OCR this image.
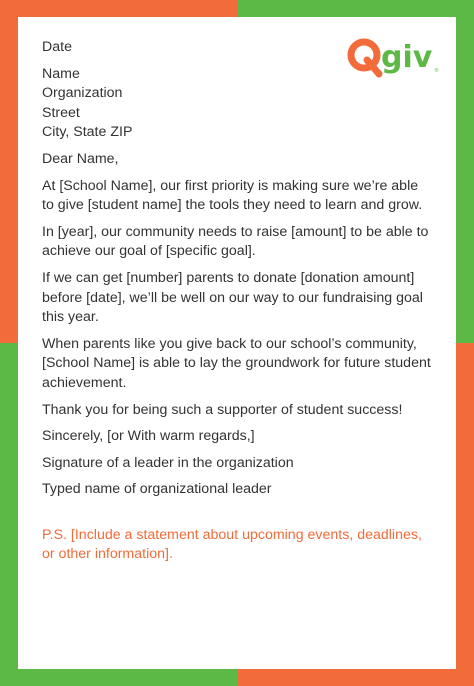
giv ®

Date

Name

Organization

Street

City, State ZIP

Dear Name,

At [School Name], our first priority is making sure we’re able to give [student name] the tools they need to learn and grow.

In [year], our community needs to raise [amount] to be able to achieve our goal of [specific goal].

If we can get [number] parents to donate [donation amount] before [date], we’ll be well on our way to our fundraising goal this year.

When parents like you give back to our school’s community, [School Name] is able to lay the groundwork for future student achievement.

Thank you for being such a supporter of student success!

Sincerely, [or With warm regards,]

Signature of a leader in the organization

Typed name of organizational leader

P.S. [Include a statement about upcoming events, deadlines, or other information].
